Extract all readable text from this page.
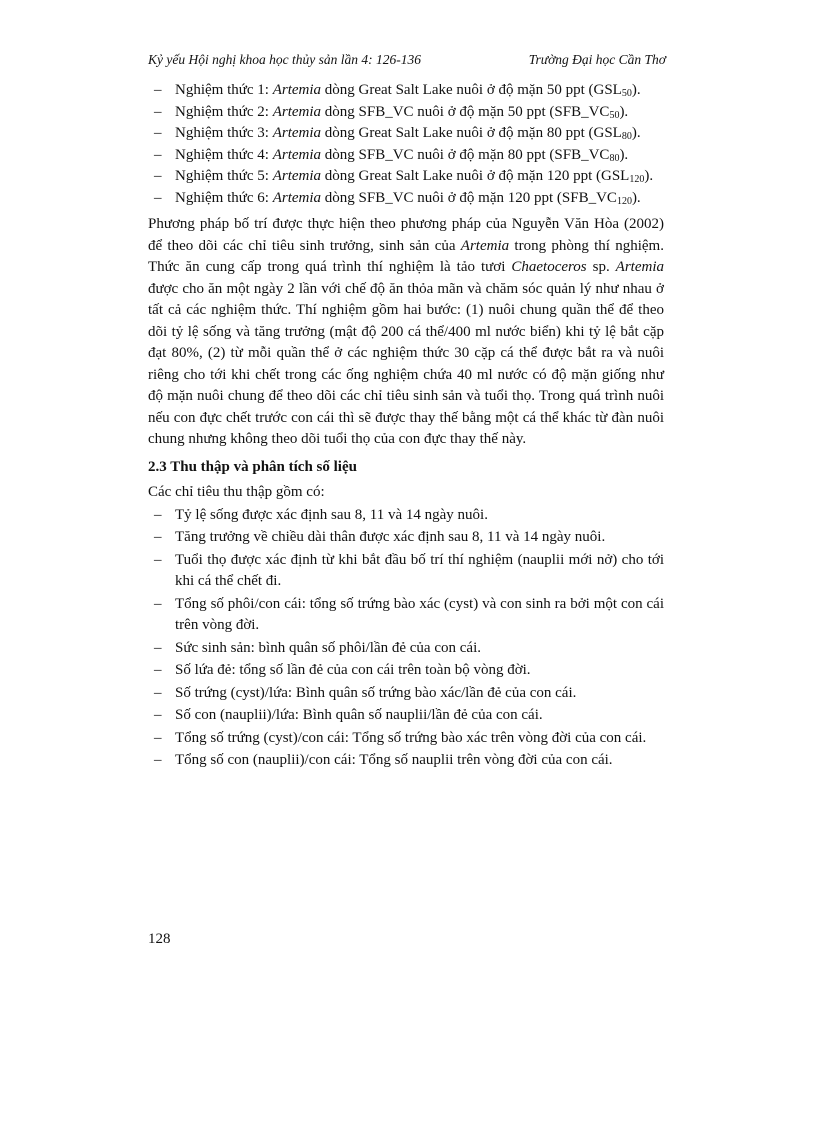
Kỷ yếu Hội nghị khoa học thủy sản lần 4: 126-136	Trường Đại học Cần Thơ

– Nghiệm thức 1: Artemia dòng Great Salt Lake nuôi ở độ mặn 50 ppt $(GSL_{50})$.

– Nghiệm thức 2: Artemia dòng SFB_VC nuôi ở độ mặn 50 ppt $(SFB\_VC_{50})$.

– Nghiệm thức 3: Artemia dòng Great Salt Lake nuôi ở độ mặn 80 ppt $(GSL_{80})$.

– Nghiệm thức 4: Artemia dòng SFB_VC nuôi ở độ mặn 80 ppt $(SFB\_VC_{80})$.

– Nghiệm thức 5: Artemia dòng Great Salt Lake nuôi ở độ mặn 120 ppt $(GSL_{120})$.

– Nghiệm thức 6: Artemia dòng SFB_VC nuôi ở độ mặn 120 ppt $(SFB\_VC_{120})$.

Phương pháp bố trí được thực hiện theo phương pháp của Nguyễn Văn Hòa (2002) để theo dõi các chỉ tiêu sinh trưởng, sinh sản của Artemia trong phòng thí nghiệm. Thức ăn cung cấp trong quá trình thí nghiệm là tảo tươi Chaetoceros sp. Artemia được cho ăn một ngày 2 lần với chế độ ăn thỏa mãn và chăm sóc quản lý như nhau ở tất cả các nghiệm thức. Thí nghiệm gồm hai bước: (1) nuôi chung quần thể để theo dõi tỷ lệ sống và tăng trưởng (mật độ 200 cá thể/400 ml nước biển) khi tỷ lệ bắt cặp đạt 80%, (2) từ mỗi quần thể ở các nghiệm thức 30 cặp cá thể được bắt ra và nuôi riêng cho tới khi chết trong các ống nghiệm chứa 40 ml nước có độ mặn giống như độ mặn nuôi chung để theo dõi các chỉ tiêu sinh sản và tuổi thọ. Trong quá trình nuôi nếu con đực chết trước con cái thì sẽ được thay thế bằng một cá thể khác từ đàn nuôi chung nhưng không theo dõi tuổi thọ của con đực thay thế này.

2.3 Thu thập và phân tích số liệu

Các chỉ tiêu thu thập gồm có:

– Tỷ lệ sống được xác định sau 8, 11 và 14 ngày nuôi.

– Tăng trưởng về chiều dài thân được xác định sau 8, 11 và 14 ngày nuôi.

– Tuổi thọ được xác định từ khi bắt đầu bố trí thí nghiệm (nauplii mới nở) cho tới khi cá thể chết đi.

– Tổng số phôi/con cái: tổng số trứng bào xác (cyst) và con sinh ra bởi một con cái trên vòng đời.

– Sức sinh sản: bình quân số phôi/lần đẻ của con cái.

– Số lứa đẻ: tổng số lần đẻ của con cái trên toàn bộ vòng đời.

– Số trứng (cyst)/lứa: Bình quân số trứng bào xác/lần đẻ của con cái.

– Số con (nauplii)/lứa: Bình quân số nauplii/lần đẻ của con cái.

– Tổng số trứng (cyst)/con cái: Tổng số trứng bào xác trên vòng đời của con cái.

– Tổng số con (nauplii)/con cái: Tổng số nauplii trên vòng đời của con cái.

128
